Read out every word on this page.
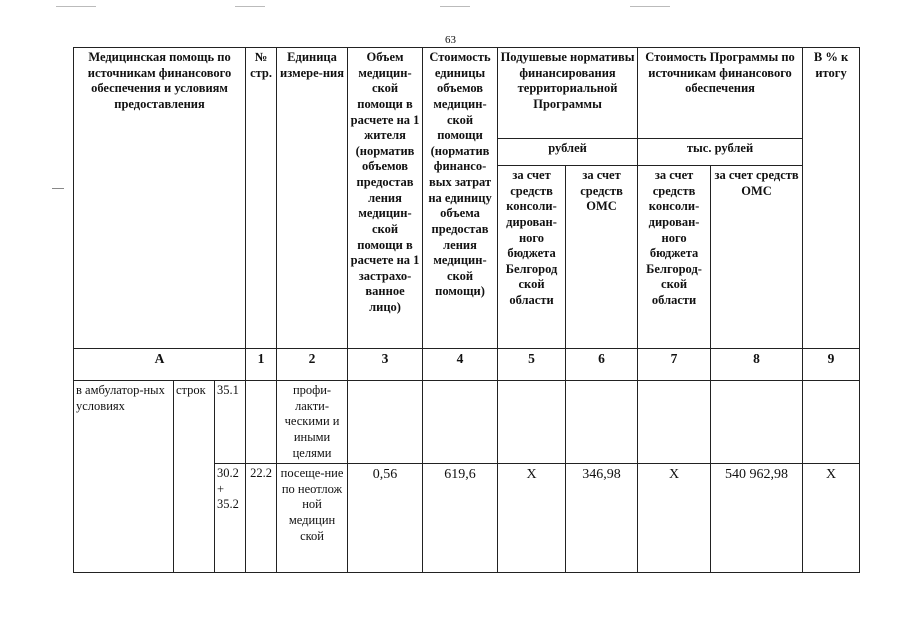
63
Медицинская помощь по источникам финансового обеспечения и условиям предоставления			№ стр.	Единица измере-ния	Объем медицин-ской помощи в расчете на 1 жителя (норматив объемов предостав ления медицин-ской помощи в расчете на 1 застрахо-ванное лицо)	Стоимость единицы объемов медицин-ской помощи (норматив финансо-вых затрат на единицу объема предостав ления медицин-ской помощи)	Подушевые нормативы финансирования территориальной Программы		Стоимость Программы по источникам финансового обеспечения		В % к итогу
							рублей		тыс. рублей		
							за счет средств консоли-дирован-ного бюджета Белгород ской области	за счет средств ОМС	за счет средств консоли-дирован-ного бюджета Белгород-ской области	за счет средств ОМС	
А			1	2	3	4	5	6	7	8	9
в амбулатор-ных условиях	строк	35.1		профи-лакти-ческими и иными целями							
		30.2 + 35.2	22.2	посеще-ние по неотлож ной медицин ской	0,56	619,6	Х	346,98	Х	540 962,98	Х
